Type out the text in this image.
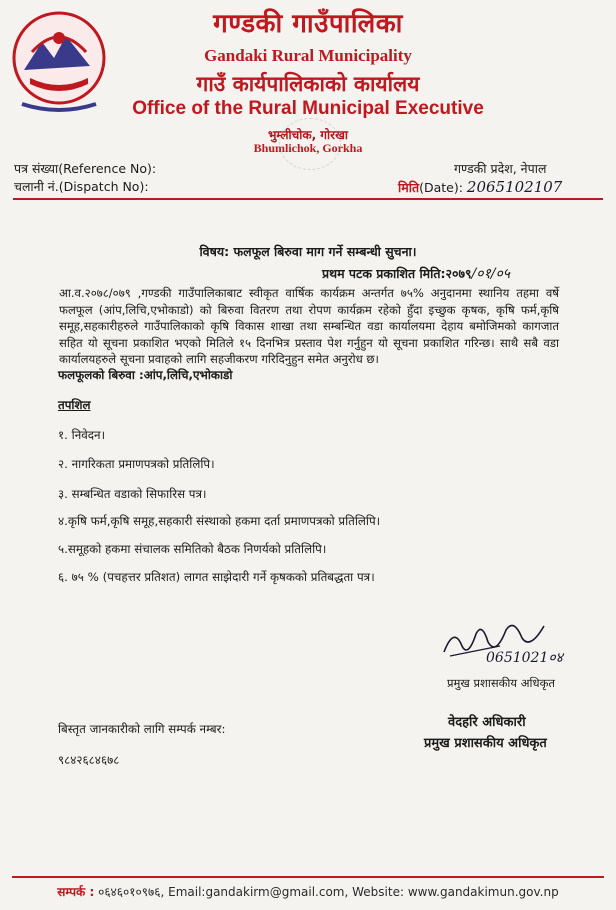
गण्डकी गाउँपालिका
Gandaki Rural Municipality
गाउँ कार्यपालिकाको कार्यालय
Office of the Rural Municipal Executive
भुम्लीचोक, गोरखा
Bhumlichok, Gorkha
पत्र संख्या(Reference No):
चलानी नं.(Dispatch No):
गण्डकी प्रदेश, नेपाल
मिति(Date): 2065102107
विषय: फलफूल बिरुवा माग गर्ने सम्बन्धी सुचना।
प्रथम पटक प्रकाशित मिति:२०७९/०१/०५
आ.व.२०७८/०७९ ,गण्डकी गाउँपालिकाबाट स्वीकृत वार्षिक कार्यक्रम अन्तर्गत ७५% अनुदानमा स्थानिय तहमा वर्षे फलफूल (आंप,लिचि,एभोकाडो) को बिरुवा वितरण तथा रोपण कार्यक्रम रहेको हुँदा इच्छुक कृषक, कृषि फर्म,कृषि समूह,सहकारीहरुले गाउँपालिकाको कृषि विकास शाखा तथा सम्बन्धित वडा कार्यालयमा देहाय बमोजिमको कागजात सहित यो सूचना प्रकाशित भएको मितिले १५ दिनभित्र प्रस्ताव पेश गर्नुहुन यो सूचना प्रकाशित गरिन्छ। साथै सबै वडा कार्यालयहरुले सूचना प्रवाहको लागि सहजीकरण गरिदिनुहुन समेत अनुरोध छ।
फलफूलको बिरुवा :आंप,लिचि,एभोकाडो
तपशिल
१. निवेदन।
२. नागरिकता प्रमाणपत्रको प्रतिलिपि।
३. सम्बन्धित वडाको सिफारिस पत्र।
४.कृषि फर्म,कृषि समूह,सहकारी संस्थाको हकमा दर्ता प्रमाणपत्रको प्रतिलिपि।
५.समूहको हकमा संचालक समितिको बैठक निणर्यको प्रतिलिपि।
६. ७५ % (पचहत्तर प्रतिशत) लागत साझेदारी गर्ने कृषकको प्रतिबद्धता पत्र।
0651021०४
प्रमुख प्रशासकीय अधिकृत
वेदहरि अधिकारी
प्रमुख प्रशासकीय अधिकृत
बिस्तृत जानकारीको लागि सम्पर्क नम्बर:
९८४२६८४६७८
सम्पर्क : ०६४६०१०९७६, Email:gandakirm@gmail.com, Website: www.gandakimun.gov.np
